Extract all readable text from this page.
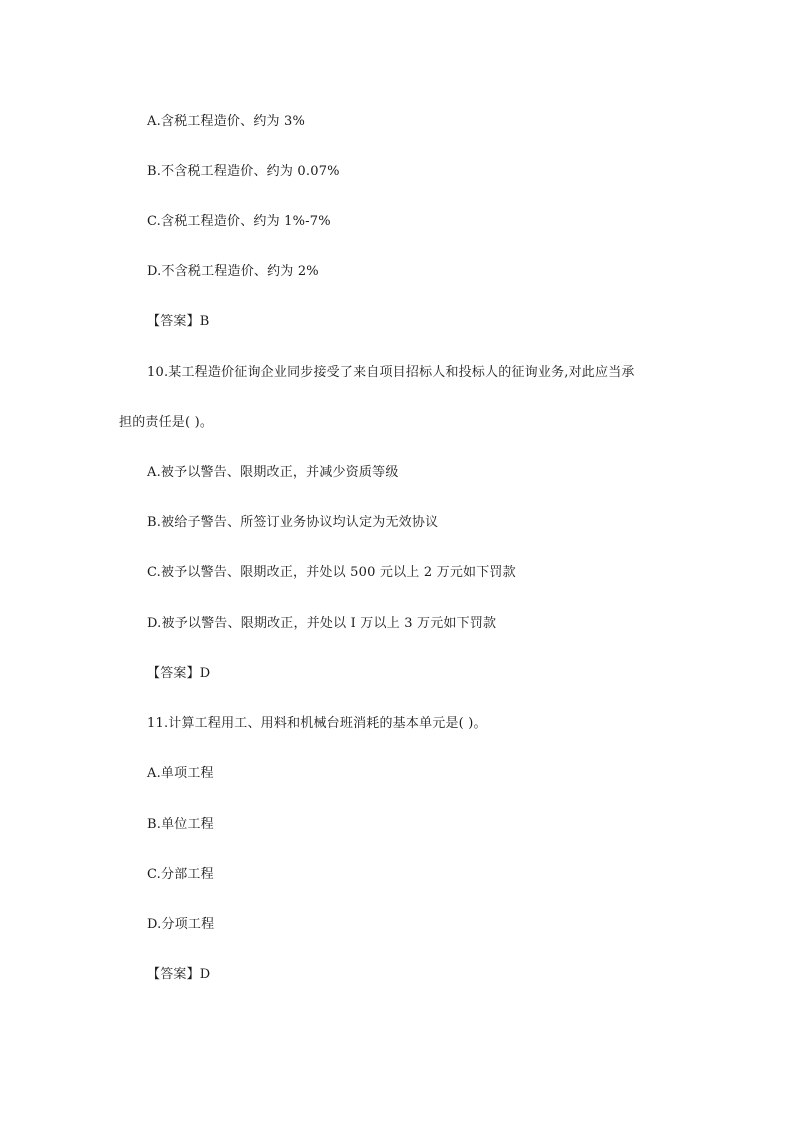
A.含税工程造价、约为 3%
B.不含税工程造价、约为 0.07%
C.含税工程造价、约为 1%-7%
D.不含税工程造价、约为 2%
【答案】B
10.某工程造价征询企业同步接受了来自项目招标人和投标人的征询业务,对此应当承
担的责任是( )。
A.被予以警告、限期改正，并减少资质等级
B.被给子警告、所签订业务协议均认定为无效协议
C.被予以警告、限期改正，并处以 500 元以上 2 万元如下罚款
D.被予以警告、限期改正，并处以 I 万以上 3 万元如下罚款
【答案】D
11.计算工程用工、用料和机械台班消耗的基本单元是( )。
A.单项工程
B.单位工程
C.分部工程
D.分项工程
【答案】D
